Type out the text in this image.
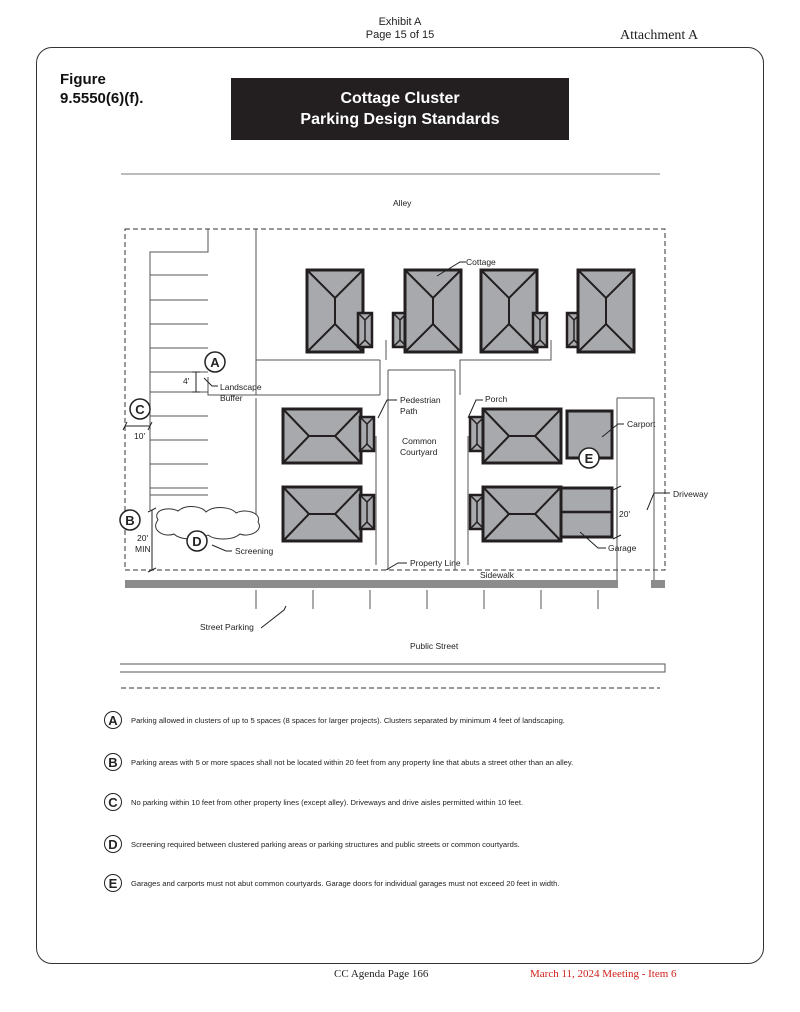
Exhibit A
Page 15 of 15	Attachment A
Figure
9.5550(6)(f).	Cottage Cluster
Parking Design Standards
Alley
Cottage
Landscape
Buffer
4'
10'
20'
MIN
20'
Pedestrian
Path
Common
Courtyard
Porch
Carport
Driveway
Garage
Screening
Property Line
Sidewalk
Street Parking
Public Street
A
C
B
D
E
A	Parking allowed in clusters of up to 5 spaces (8 spaces for larger projects). Clusters separated by minimum 4 feet of landscaping.
B	Parking areas with 5 or more spaces shall not be located within 20 feet from any property line that abuts a street other than an alley.
C	No parking within 10 feet from other property lines (except alley). Driveways and drive aisles permitted within 10 feet.
D	Screening required between clustered parking areas or parking structures and public streets or common courtyards.
E	Garages and carports must not abut common courtyards. Garage doors for individual garages must not exceed 20 feet in width.
CC Agenda Page 166	March 11, 2024 Meeting - Item 6
